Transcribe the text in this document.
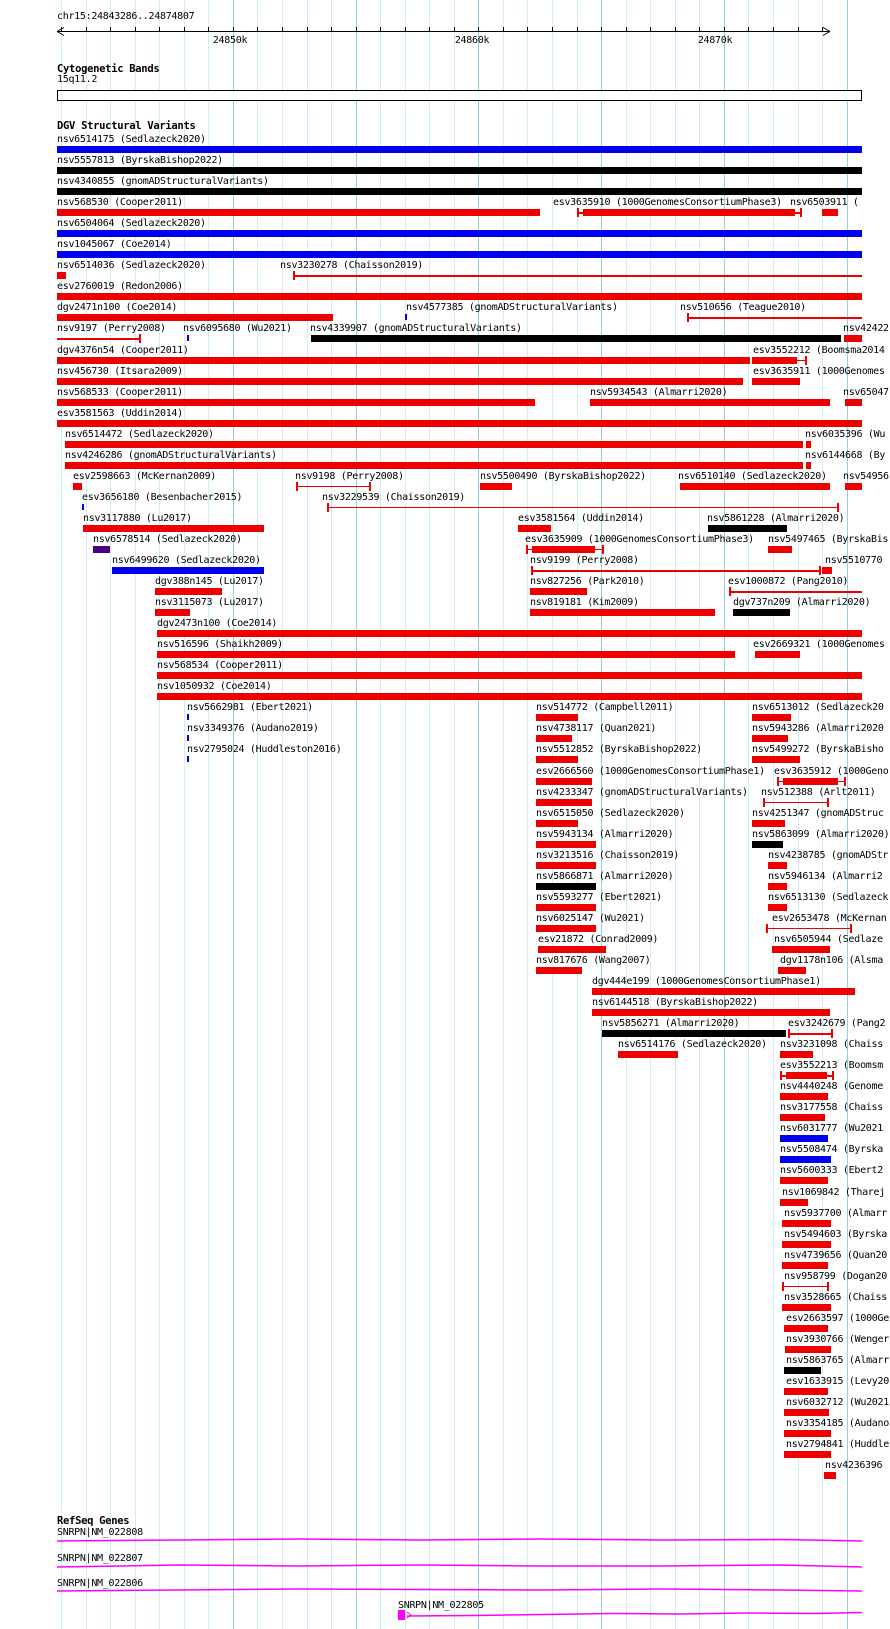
chr15:24843286..24874807
Cytogenetic Bands
15q11.2
DGV Structural Variants
RefSeq Genes
24850k	24860k	24870k
nsv6514175 (Sedlazeck2020)
nsv5557813 (ByrskaBishop2022)
nsv4340855 (gnomADStructuralVariants)
nsv568530 (Cooper2011)	esv3635910 (1000GenomesConsortiumPhase3) nsv6503911 (
nsv6504064 (Sedlazeck2020)
nsv1045067 (Coe2014)
nsv6514036 (Sedlazeck2020)	nsv3230278 (Chaisson2019)
esv2760019 (Redon2006)
dgv2471n100 (Coe2014)	nsv4577385 (gnomADStructuralVariants)	nsv510656 (Teague2010)
nsv9197 (Perry2008) nsv6095680 (Wu2021) nsv4339907 (gnomADStructuralVariants)	nsv42422
dgv4376n54 (Cooper2011)	esv3552212 (Boomsma2014
nsv456730 (Itsara2009)	esv3635911 (1000Genomes
nsv568533 (Cooper2011)	nsv5934543 (Almarri2020)	nsv65047
esv3581563 (Uddin2014)
nsv6514472 (Sedlazeck2020)	nsv6035396 (Wu
nsv4246286 (gnomADStructuralVariants)	nsv6144668 (By
esv2598663 (McKernan2009)	nsv9198 (Perry2008)	nsv5500490 (ByrskaBishop2022)	nsv6510140 (Sedlazeck2020) nsv54956
esv3656180 (Besenbacher2015)	nsv3229539 (Chaisson2019)
nsv3117880 (Lu2017)	esv3581564 (Uddin2014)	nsv5861228 (Almarri2020)
nsv6578514 (Sedlazeck2020)	esv3635909 (1000GenomesConsortiumPhase3) nsv5497465 (ByrskaBis
nsv6499620 (Sedlazeck2020)	nsv9199 (Perry2008)	nsv5510770
dgv388n145 (Lu2017)	nsv827256 (Park2010)	esv1000872 (Pang2010)
nsv3115073 (Lu2017)	nsv819181 (Kim2009)	dgv737n209 (Almarri2020)
dgv2473n100 (Coe2014)
nsv516596 (Shaikh2009)	esv2669321 (1000Genomes
nsv568534 (Cooper2011)
nsv1050932 (Coe2014)
nsv5662981 (Ebert2021)	nsv514772 (Campbell2011)	nsv6513012 (Sedlazeck20
nsv3349376 (Audano2019)	nsv4738117 (Quan2021)	nsv5943286 (Almarri2020
nsv2795024 (Huddleston2016)	nsv5512852 (ByrskaBishop2022)	nsv5499272 (ByrskaBisho
esv2666560 (1000GenomesConsortiumPhase1) esv3635912 (1000Geno
nsv4233347 (gnomADStructuralVariants) nsv512388 (Arlt2011)
nsv6515050 (Sedlazeck2020)	nsv4251347 (gnomADStruc
nsv5943134 (Almarri2020)	nsv5863099 (Almarri2020)
nsv3213516 (Chaisson2019)	nsv4238785 (gnomADStr
nsv5866871 (Almarri2020)	nsv5946134 (Almarri2
nsv5593277 (Ebert2021)	nsv6513130 (Sedlazeck
nsv6025147 (Wu2021)	esv2653478 (McKernan
esv21872 (Conrad2009)	nsv6505944 (Sedlaze
nsv817676 (Wang2007)	dgv1178n106 (Alsma
dgv444e199 (1000GenomesConsortiumPhase1)
nsv6144518 (ByrskaBishop2022)
nsv5856271 (Almarri2020)	esv3242679 (Pang2
nsv6514176 (Sedlazeck2020) nsv3231098 (Chaiss
esv3552213 (Boomsm
nsv4440248 (Genome
nsv3177558 (Chaiss
nsv6031777 (Wu2021
nsv5508474 (Byrska
nsv5600333 (Ebert2
nsv1069842 (Tharej
nsv5937700 (Almarr
nsv5494603 (Byrska
nsv4739656 (Quan20
nsv958799 (Dogan20
nsv3528665 (Chaiss
esv2663597 (1000Ge
nsv3930766 (Wenger
nsv5863765 (Almarr
esv1633915 (Levy20
nsv6032712 (Wu2021
nsv3354185 (Audano
nsv2794841 (Huddle
nsv4236396
SNRPN|NM_022808
SNRPN|NM_022807
SNRPN|NM_022806
SNRPN|NM_022805
